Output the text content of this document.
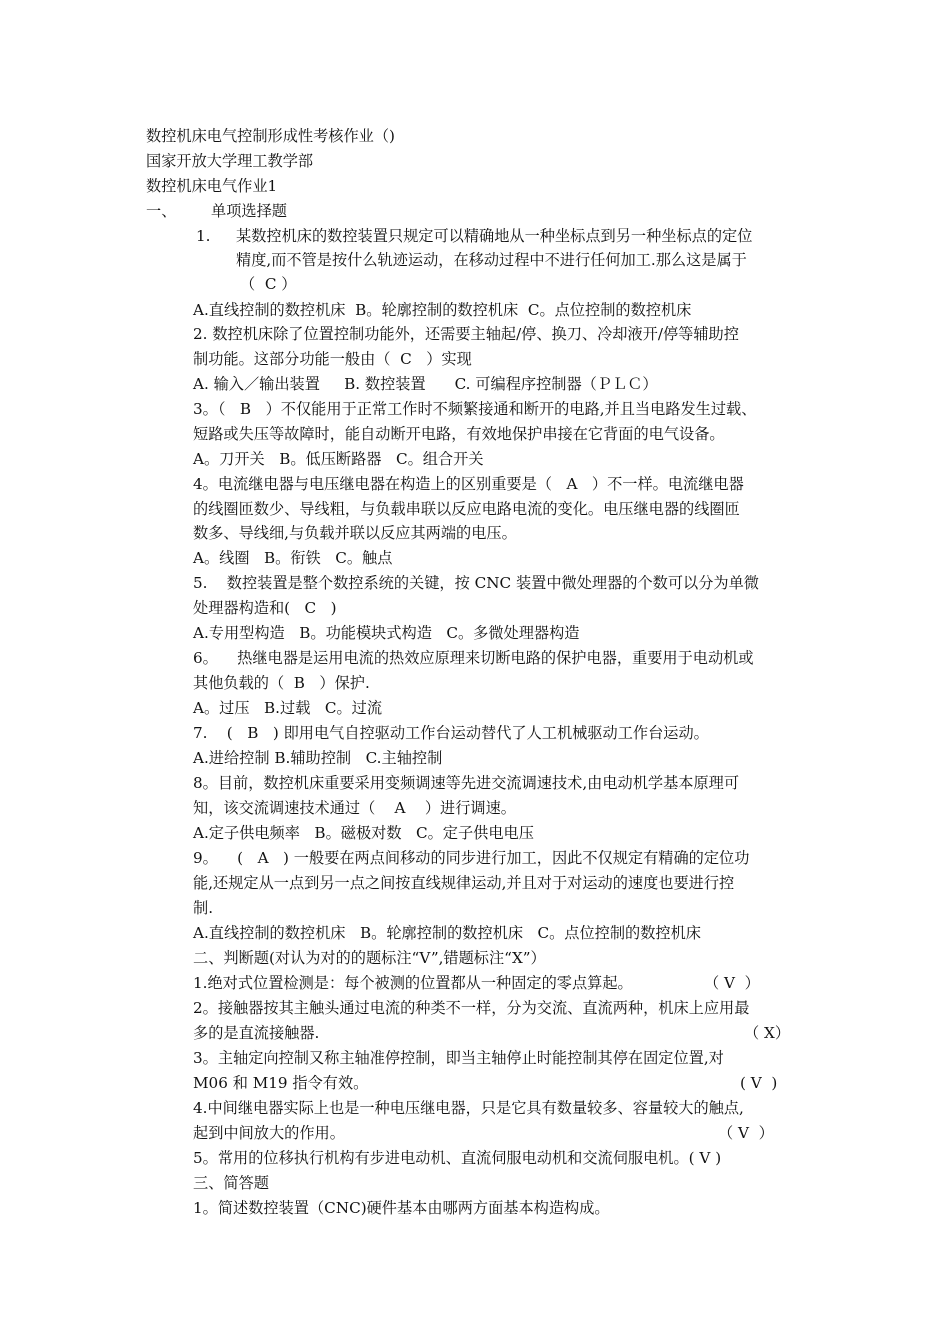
数控机床电气控制形成性考核作业（)
国家开放大学理工教学部
数控机床电气作业1
一、 单项选择题
1. 某数控机床的数控装置只规定可以精确地从一种坐标点到另一种坐标点的定位
精度,而不管是按什么轨迹运动，在移动过程中不进行任何加工.那么这是属于
（  C ）
A.直线控制的数控机床  B。轮廓控制的数控机床  C。点位控制的数控机床
2. 数控机床除了位置控制功能外，还需要主轴起/停、换刀、冷却液开/停等辅助控
制功能。这部分功能一般由（  C   ）实现
A. 输入／输出装置     B. 数控装置      C. 可编程序控制器（ＰＬＣ）
3。（   B   ）不仅能用于正常工作时不频繁接通和断开的电路,并且当电路发生过载、
短路或失压等故障时，能自动断开电路，有效地保护串接在它背面的电气设备。
A。刀开关   B。低压断路器   C。组合开关
4。电流继电器与电压继电器在构造上的区别重要是（   A   ）不一样。电流继电器
的线圈匝数少、导线粗，与负载串联以反应电路电流的变化。电压继电器的线圈匝
数多、导线细,与负载并联以反应其两端的电压。
A。线圈   B。衔铁   C。触点
5.    数控装置是整个数控系统的关键，按 CNC 装置中微处理器的个数可以分为单微
处理器构造和(   C   )
A.专用型构造   B。功能模块式构造   C。多微处理器构造
6。    热继电器是运用电流的热效应原理来切断电路的保护电器，重要用于电动机或
其他负载的（  B   ）保护.
A。过压   B.过载   C。过流
7.    (   B   ) 即用电气自控驱动工作台运动替代了人工机械驱动工作台运动。
A.进给控制 B.辅助控制   C.主轴控制
8。目前，数控机床重要采用变频调速等先进交流调速技术,由电动机学基本原理可
知，该交流调速技术通过（    A    ）进行调速。
A.定子供电频率   B。磁极对数   C。定子供电电压
9。    (   A   ) 一般要在两点间移动的同步进行加工，因此不仅规定有精确的定位功
能,还规定从一点到另一点之间按直线规律运动,并且对于对运动的速度也要进行控
制.
A.直线控制的数控机床   B。轮廓控制的数控机床   C。点位控制的数控机床
二、判断题(对认为对的的题标注“V”,错题标注“X”）
1.绝对式位置检测是：每个被测的位置都从一种固定的零点算起。	（ V  ）
2。接触器按其主触头通过电流的种类不一样，分为交流、直流两种，机床上应用最
多的是直流接触器.	（ X）
3。主轴定向控制又称主轴准停控制，即当主轴停止时能控制其停在固定位置,对
M06 和 M19 指令有效。	( V  )
4.中间继电器实际上也是一种电压继电器，只是它具有数量较多、容量较大的触点,
起到中间放大的作用。	（ V  ）
5。常用的位移执行机构有步进电动机、直流伺服电动机和交流伺服电机。( V )
三、简答题
1。简述数控装置（CNC)硬件基本由哪两方面基本构造构成。
